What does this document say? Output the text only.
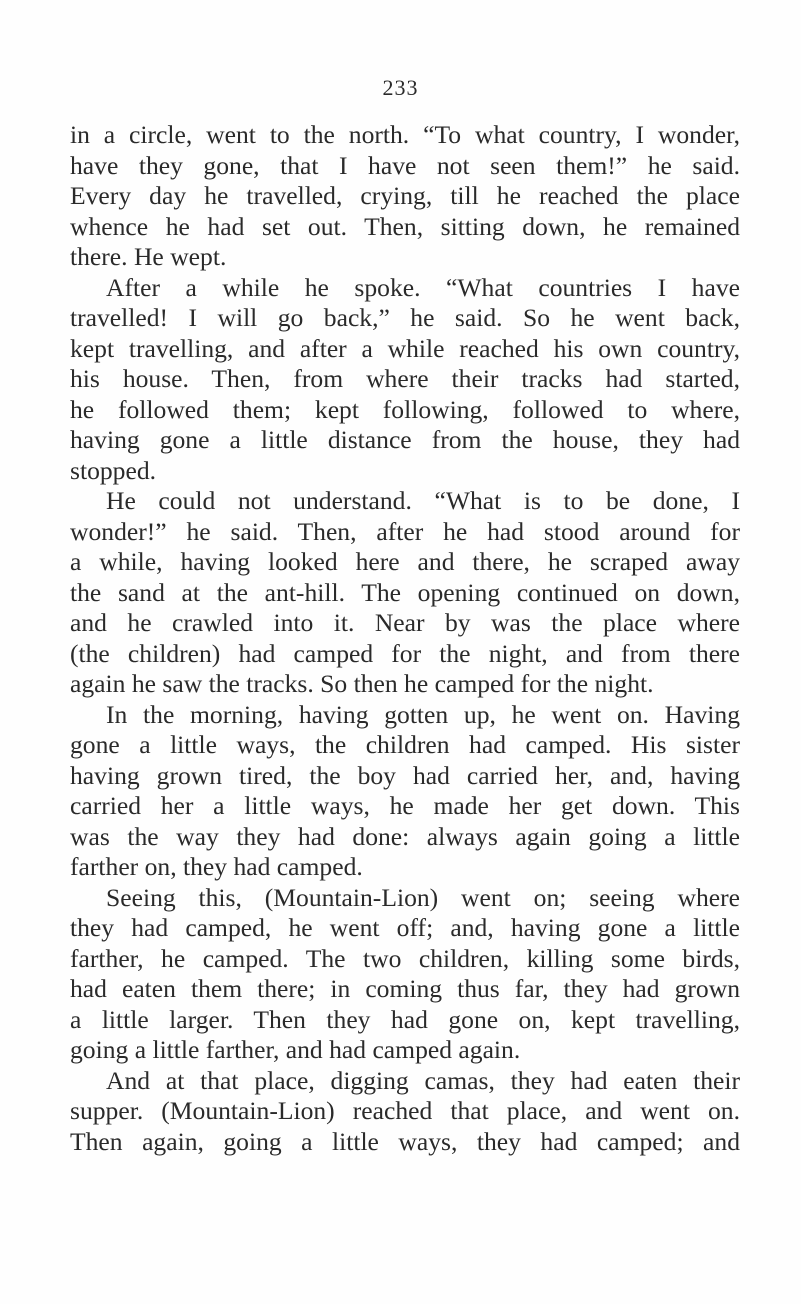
233
in a circle, went to the north. “To what country, I wonder,
have they gone, that I have not seen them!” he said.
Every day he travelled, crying, till he reached the place
whence he had set out. Then, sitting down, he remained
there. He wept.
After a while he spoke. “What countries I have
travelled! I will go back,” he said. So he went back,
kept travelling, and after a while reached his own country,
his house. Then, from where their tracks had started,
he followed them; kept following, followed to where,
having gone a little distance from the house, they had
stopped.
He could not understand. “What is to be done, I
wonder!” he said. Then, after he had stood around for
a while, having looked here and there, he scraped away
the sand at the ant-hill. The opening continued on down,
and he crawled into it. Near by was the place where
(the children) had camped for the night, and from there
again he saw the tracks. So then he camped for the night.
In the morning, having gotten up, he went on. Having
gone a little ways, the children had camped. His sister
having grown tired, the boy had carried her, and, having
carried her a little ways, he made her get down. This
was the way they had done: always again going a little
farther on, they had camped.
Seeing this, (Mountain-Lion) went on; seeing where
they had camped, he went off; and, having gone a little
farther, he camped. The two children, killing some birds,
had eaten them there; in coming thus far, they had grown
a little larger. Then they had gone on, kept travelling,
going a little farther, and had camped again.
And at that place, digging camas, they had eaten their
supper. (Mountain-Lion) reached that place, and went on.
Then again, going a little ways, they had camped; and
